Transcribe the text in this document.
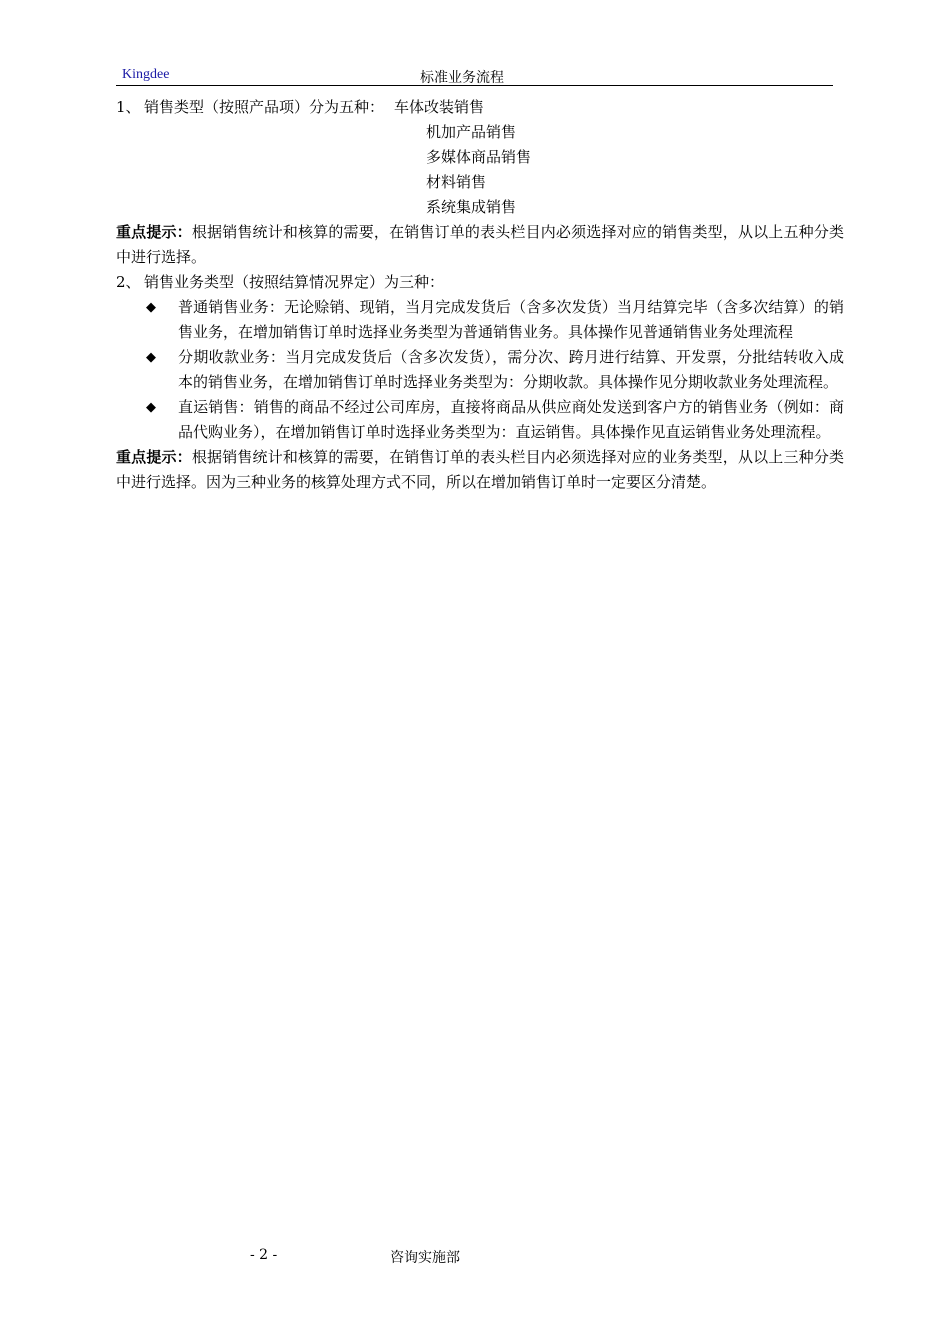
Kingdee	标准业务流程
1、 销售类型（按照产品项）分为五种： 车体改装销售
机加产品销售
多媒体商品销售
材料销售
系统集成销售
重点提示：根据销售统计和核算的需要，在销售订单的表头栏目内必须选择对应的销售类型，从以上五种分类中进行选择。
2、 销售业务类型（按照结算情况界定）为三种：
◆	普通销售业务：无论赊销、现销，当月完成发货后（含多次发货）当月结算完毕（含多次结算）的销售业务，在增加销售订单时选择业务类型为普通销售业务。具体操作见普通销售业务处理流程
◆	分期收款业务：当月完成发货后（含多次发货），需分次、跨月进行结算、开发票，分批结转收入成本的销售业务，在增加销售订单时选择业务类型为：分期收款。具体操作见分期收款业务处理流程。
◆	直运销售：销售的商品不经过公司库房，直接将商品从供应商处发送到客户方的销售业务（例如：商品代购业务），在增加销售订单时选择业务类型为：直运销售。具体操作见直运销售业务处理流程。
重点提示：根据销售统计和核算的需要，在销售订单的表头栏目内必须选择对应的业务类型，从以上三种分类中进行选择。因为三种业务的核算处理方式不同，所以在增加销售订单时一定要区分清楚。
- 2 -	咨询实施部
